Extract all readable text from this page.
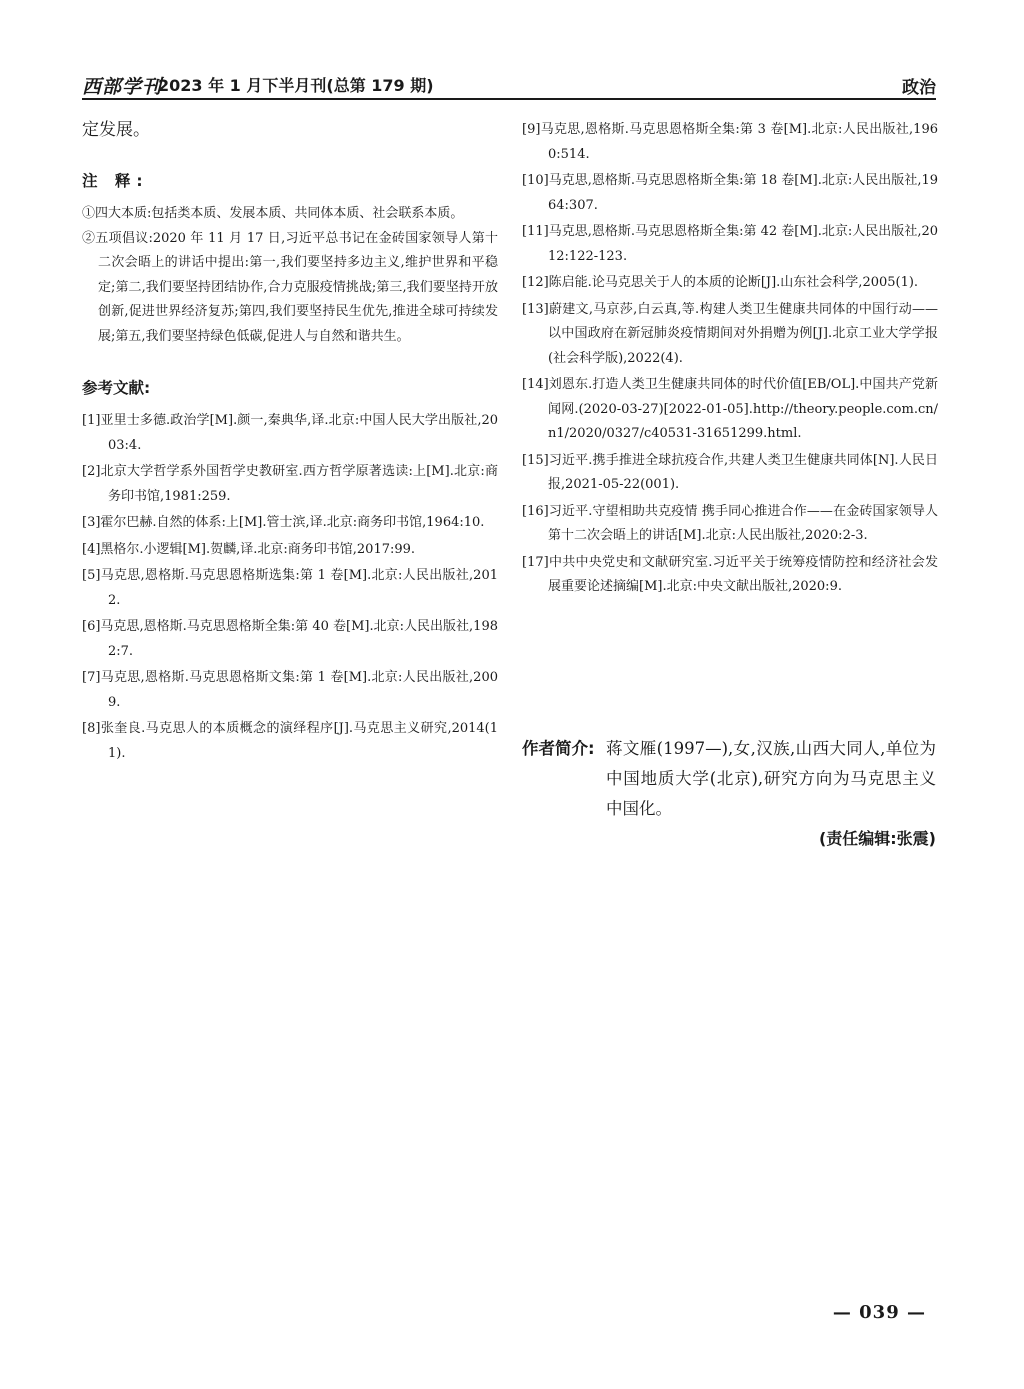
西部学刊
2023 年 1 月下半月刊(总第 179 期)	政治

定发展。

注 释:

①四大本质:包括类本质、发展本质、共同体本质、社会联系本质。

②五项倡议:2020 年 11 月 17 日,习近平总书记在金砖国家领导人第十二次会晤上的讲话中提出:第一,我们要坚持多边主义,维护世界和平稳定;第二,我们要坚持团结协作,合力克服疫情挑战;第三,我们要坚持开放创新,促进世界经济复苏;第四,我们要坚持民生优先,推进全球可持续发展;第五,我们要坚持绿色低碳,促进人与自然和谐共生。

参考文献:

[1]亚里士多德.政治学[M].颜一,秦典华,译.北京:中国人民大学出版社,2003:4.

[2]北京大学哲学系外国哲学史教研室.西方哲学原著选读:上[M].北京:商务印书馆,1981:259.

[3]霍尔巴赫.自然的体系:上[M].管士滨,译.北京:商务印书馆,1964:10.

[4]黑格尔.小逻辑[M].贺麟,译.北京:商务印书馆,2017:99.

[5]马克思,恩格斯.马克思恩格斯选集:第 1 卷[M].北京:人民出版社,2012.

[6]马克思,恩格斯.马克思恩格斯全集:第 40 卷[M].北京:人民出版社,1982:7.

[7]马克思,恩格斯.马克思恩格斯文集:第 1 卷[M].北京:人民出版社,2009.

[8]张奎良.马克思人的本质概念的演绎程序[J].马克思主义研究,2014(11).

[9]马克思,恩格斯.马克思恩格斯全集:第 3 卷[M].北京:人民出版社,1960:514.

[10]马克思,恩格斯.马克思恩格斯全集:第 18 卷[M].北京:人民出版社,1964:307.

[11]马克思,恩格斯.马克思恩格斯全集:第 42 卷[M].北京:人民出版社,2012:122-123.

[12]陈启能.论马克思关于人的本质的论断[J].山东社会科学,2005(1).

[13]蔚建文,马京莎,白云真,等.构建人类卫生健康共同体的中国行动——以中国政府在新冠肺炎疫情期间对外捐赠为例[J].北京工业大学学报(社会科学版),2022(4).

[14]刘恩东.打造人类卫生健康共同体的时代价值[EB/OL].中国共产党新闻网.(2020-03-27)[2022-01-05].http://theory.people.com.cn/n1/2020/0327/c40531-31651299.html.

[15]习近平.携手推进全球抗疫合作,共建人类卫生健康共同体[N].人民日报,2021-05-22(001).

[16]习近平.守望相助共克疫情 携手同心推进合作——在金砖国家领导人第十二次会晤上的讲话[M].北京:人民出版社,2020:2-3.

[17]中共中央党史和文献研究室.习近平关于统筹疫情防控和经济社会发展重要论述摘编[M].北京:中央文献出版社,2020:9.

作者简介: 蒋文雁(1997—),女,汉族,山西大同人,单位为中国地质大学(北京),研究方向为马克思主义中国化。
(责任编辑:张震)
— 039 —
